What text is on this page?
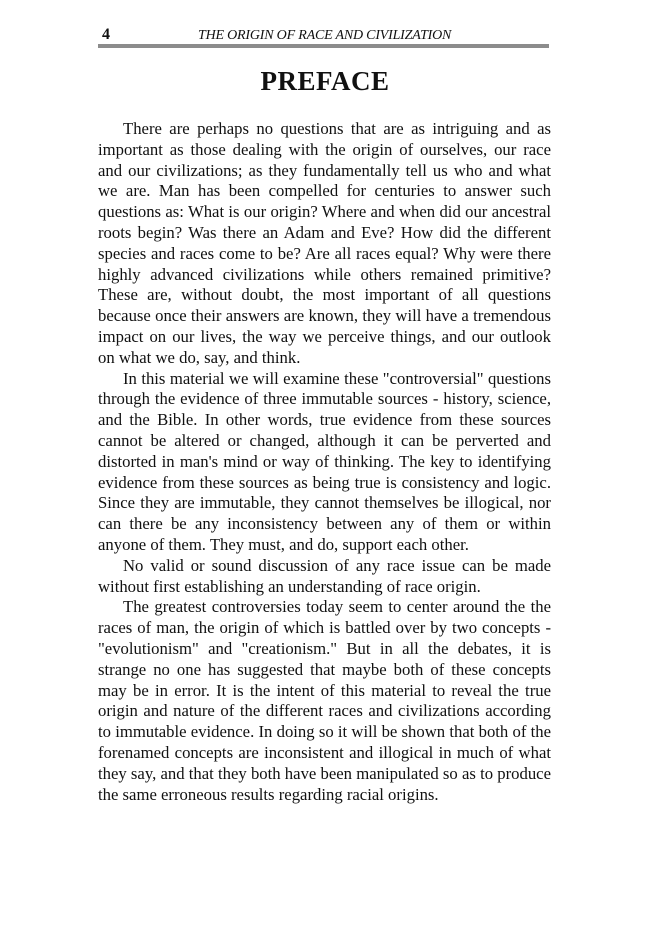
4	THE ORIGIN OF RACE AND CIVILIZATION
PREFACE

There are perhaps no questions that are as intriguing and as important as those dealing with the origin of ourselves, our race and our civilizations; as they fundamentally tell us who and what we are. Man has been compelled for centuries to answer such questions as: What is our origin? Where and when did our ancestral roots begin? Was there an Adam and Eve? How did the different species and races come to be? Are all races equal? Why were there highly advanced civilizations while others remained primitive? These are, without doubt, the most important of all questions because once their answers are known, they will have a tremendous impact on our lives, the way we perceive things, and our outlook on what we do, say, and think.

In this material we will examine these "controversial" questions through the evidence of three immutable sources - history, science, and the Bible. In other words, true evidence from these sources cannot be altered or changed, although it can be perverted and distorted in man's mind or way of thinking. The key to identifying evidence from these sources as being true is consistency and logic. Since they are immutable, they cannot themselves be illogical, nor can there be any inconsistency between any of them or within anyone of them. They must, and do, support each other.

No valid or sound discussion of any race issue can be made without first establishing an understanding of race origin.

The greatest controversies today seem to center around the the races of man, the origin of which is battled over by two concepts - "evolutionism" and "creationism." But in all the debates, it is strange no one has suggested that maybe both of these concepts may be in error. It is the intent of this material to reveal the true origin and nature of the different races and civilizations according to immutable evidence. In doing so it will be shown that both of the forenamed concepts are inconsistent and illogical in much of what they say, and that they both have been manipulated so as to produce the same erroneous results regarding racial origins.
